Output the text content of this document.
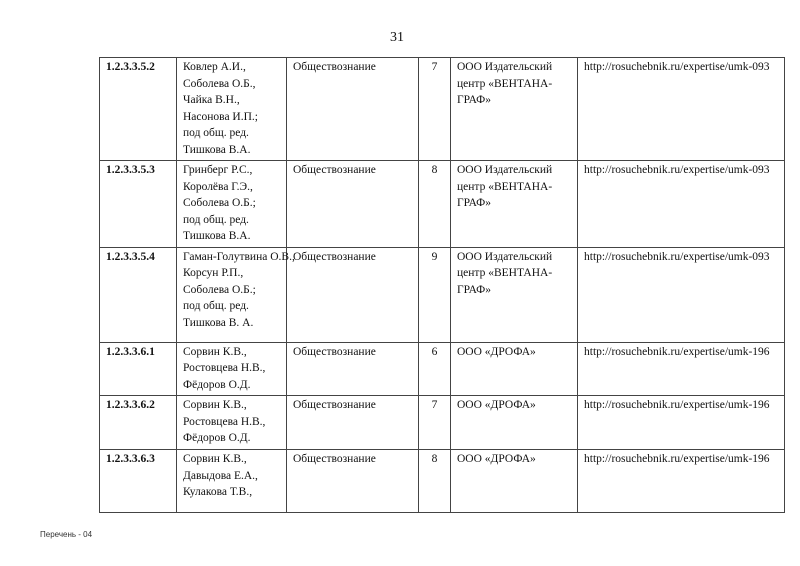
31
1.2.3.3.5.2	Ковлер А.И.,
Соболева О.Б.,
Чайка В.Н.,
Насонова И.П.;
под общ. ред.
Тишкова В.А.
	Обществознание	7	ООО Издательский
центр «ВЕНТАНА-
ГРАФ»
	http://rosuchebnik.ru/expertise/umk-093
1.2.3.3.5.3	Гринберг Р.С.,
Королёва Г.Э.,
Соболева О.Б.;
под общ. ред.
Тишкова В.А.	Обществознание	8	ООО Издательский
центр «ВЕНТАНА-
ГРАФ»	http://rosuchebnik.ru/expertise/umk-093
1.2.3.3.5.4	Гаман-Голутвина О.В.,
Корсун Р.П.,
Соболева О.Б.;
под общ. ред.
Тишкова В. А.	Обществознание	9	ООО Издательский
центр «ВЕНТАНА-
ГРАФ»	http://rosuchebnik.ru/expertise/umk-093
1.2.3.3.6.1	Сорвин К.В.,
Ростовцева Н.В.,
Фёдоров О.Д.	Обществознание	6	ООО «ДРОФА»	http://rosuchebnik.ru/expertise/umk-196
1.2.3.3.6.2	Сорвин К.В.,
Ростовцева Н.В.,
Фёдоров О.Д.	Обществознание	7	ООО «ДРОФА»	http://rosuchebnik.ru/expertise/umk-196
1.2.3.3.6.3	Сорвин К.В.,
Давыдова Е.А.,
Кулакова Т.В.,	Обществознание	8	ООО «ДРОФА»	http://rosuchebnik.ru/expertise/umk-196
Перечень - 04
